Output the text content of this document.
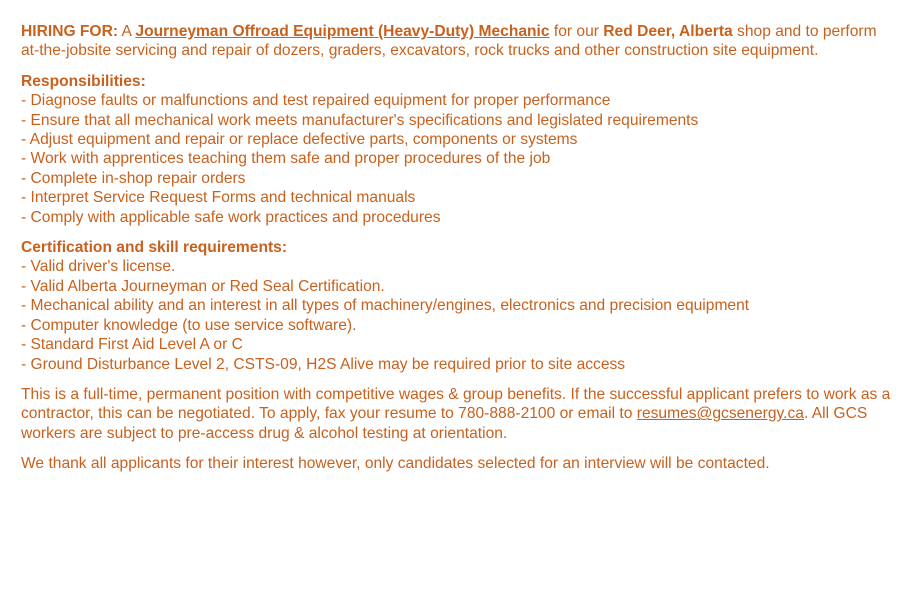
HIRING FOR: A Journeyman Offroad Equipment (Heavy-Duty) Mechanic for our Red Deer, Alberta shop and to perform at-the-jobsite servicing and repair of dozers, graders, excavators, rock trucks and other construction site equipment.

Responsibilities:
- Diagnose faults or malfunctions and test repaired equipment for proper performance
- Ensure that all mechanical work meets manufacturer's specifications and legislated requirements
- Adjust equipment and repair or replace defective parts, components or systems
- Work with apprentices teaching them safe and proper procedures of the job
- Complete in-shop repair orders
- Interpret Service Request Forms and technical manuals
- Comply with applicable safe work practices and procedures
Certification and skill requirements:
- Valid driver's license.
- Valid Alberta Journeyman or Red Seal Certification.
- Mechanical ability and an interest in all types of machinery/engines, electronics and precision equipment
- Computer knowledge (to use service software).
- Standard First Aid Level A or C
- Ground Disturbance Level 2, CSTS-09, H2S Alive may be required prior to site access

This is a full-time, permanent position with competitive wages & group benefits. If the successful applicant prefers to work as a contractor, this can be negotiated. To apply, fax your resume to 780-888-2100 or email to resumes@gcsenergy.ca. All GCS workers are subject to pre-access drug & alcohol testing at orientation.

We thank all applicants for their interest however, only candidates selected for an interview will be contacted.
